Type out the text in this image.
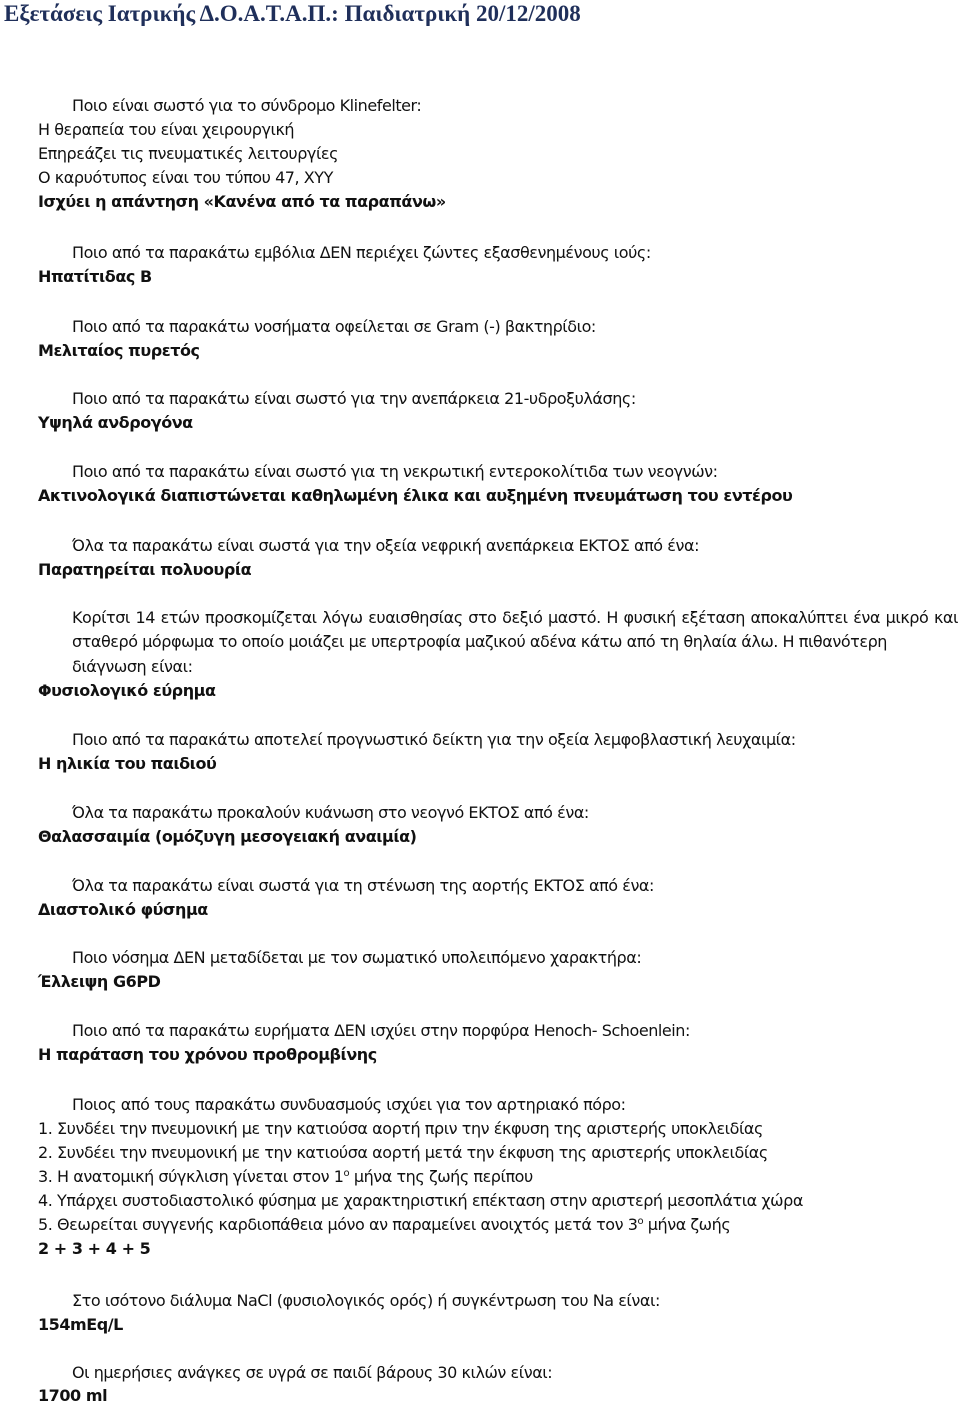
Εξετάσεις Ιατρικής Δ.Ο.Α.Τ.Α.Π.: Παιδιατρική 20/12/2008
Ποιο είναι σωστό για το σύνδρομο Klinefelter:
Η θεραπεία του είναι χειρουργική
Επηρεάζει τις πνευματικές λειτουργίες
Ο καρυότυπος είναι του τύπου 47, ΧΥΥ
Ισχύει η απάντηση «Κανένα από τα παραπάνω»
Ποιο από τα παρακάτω εμβόλια ΔΕΝ περιέχει ζώντες εξασθενημένους ιούς:
Ηπατίτιδας Β
Ποιο από τα παρακάτω νοσήματα οφείλεται σε Gram (-) βακτηρίδιο:
Μελιταίος πυρετός
Ποιο από τα παρακάτω είναι σωστό για την ανεπάρκεια 21-υδροξυλάσης:
Υψηλά ανδρογόνα
Ποιο από τα παρακάτω είναι σωστό για τη νεκρωτική εντεροκολίτιδα των νεογνών:
Ακτινολογικά διαπιστώνεται καθηλωμένη έλικα και αυξημένη πνευμάτωση του εντέρου
Όλα τα παρακάτω είναι σωστά για την οξεία νεφρική ανεπάρκεια ΕΚΤΟΣ από ένα:
Παρατηρείται πολυουρία
Κορίτσι 14 ετών προσκομίζεται λόγω ευαισθησίας στο δεξιό μαστό. Η φυσική εξέταση αποκαλύπτει ένα μικρό και σταθερό μόρφωμα το οποίο μοιάζει με υπερτροφία μαζικού αδένα κάτω από τη θηλαία άλω. Η πιθανότερη
διάγνωση είναι:
Φυσιολογικό εύρημα
Ποιο από τα παρακάτω αποτελεί προγνωστικό δείκτη για την οξεία λεμφοβλαστική λευχαιμία:
Η ηλικία του παιδιού
Όλα τα παρακάτω προκαλούν κυάνωση στο νεογνό ΕΚΤΟΣ από ένα:
Θαλασσαιμία (ομόζυγη μεσογειακή αναιμία)
Όλα τα παρακάτω είναι σωστά για τη στένωση της αορτής ΕΚΤΟΣ από ένα:
Διαστολικό φύσημα
Ποιο νόσημα ΔΕΝ μεταδίδεται με τον σωματικό υπολειπόμενο χαρακτήρα:
Έλλειψη G6PD
Ποιο από τα παρακάτω ευρήματα ΔΕΝ ισχύει στην πορφύρα Henoch- Schoenlein:
Η παράταση του χρόνου προθρομβίνης
Ποιος από τους παρακάτω συνδυασμούς ισχύει για τον αρτηριακό πόρο:
1. Συνδέει την πνευμονική με την κατιούσα αορτή πριν την έκφυση της αριστερής υποκλειδίας
2. Συνδέει την πνευμονική με την κατιούσα αορτή μετά την έκφυση της αριστερής υποκλειδίας
3. Η ανατομική σύγκλιση γίνεται στον $1^o$ μήνα της ζωής περίπου
4. Υπάρχει συστοδιαστολικό φύσημα με χαρακτηριστική επέκταση στην αριστερή μεσοπλάτια χώρα
5. Θεωρείται συγγενής καρδιοπάθεια μόνο αν παραμείνει ανοιχτός μετά τον $3^o$ μήνα ζωής
2 + 3 + 4 + 5
Στο ισότονο διάλυμα NaCl (φυσιολογικός ορός) ή συγκέντρωση του Na είναι:
154mEq/L
Οι ημερήσιες ανάγκες σε υγρά σε παιδί βάρους 30 κιλών είναι:
1700 ml
